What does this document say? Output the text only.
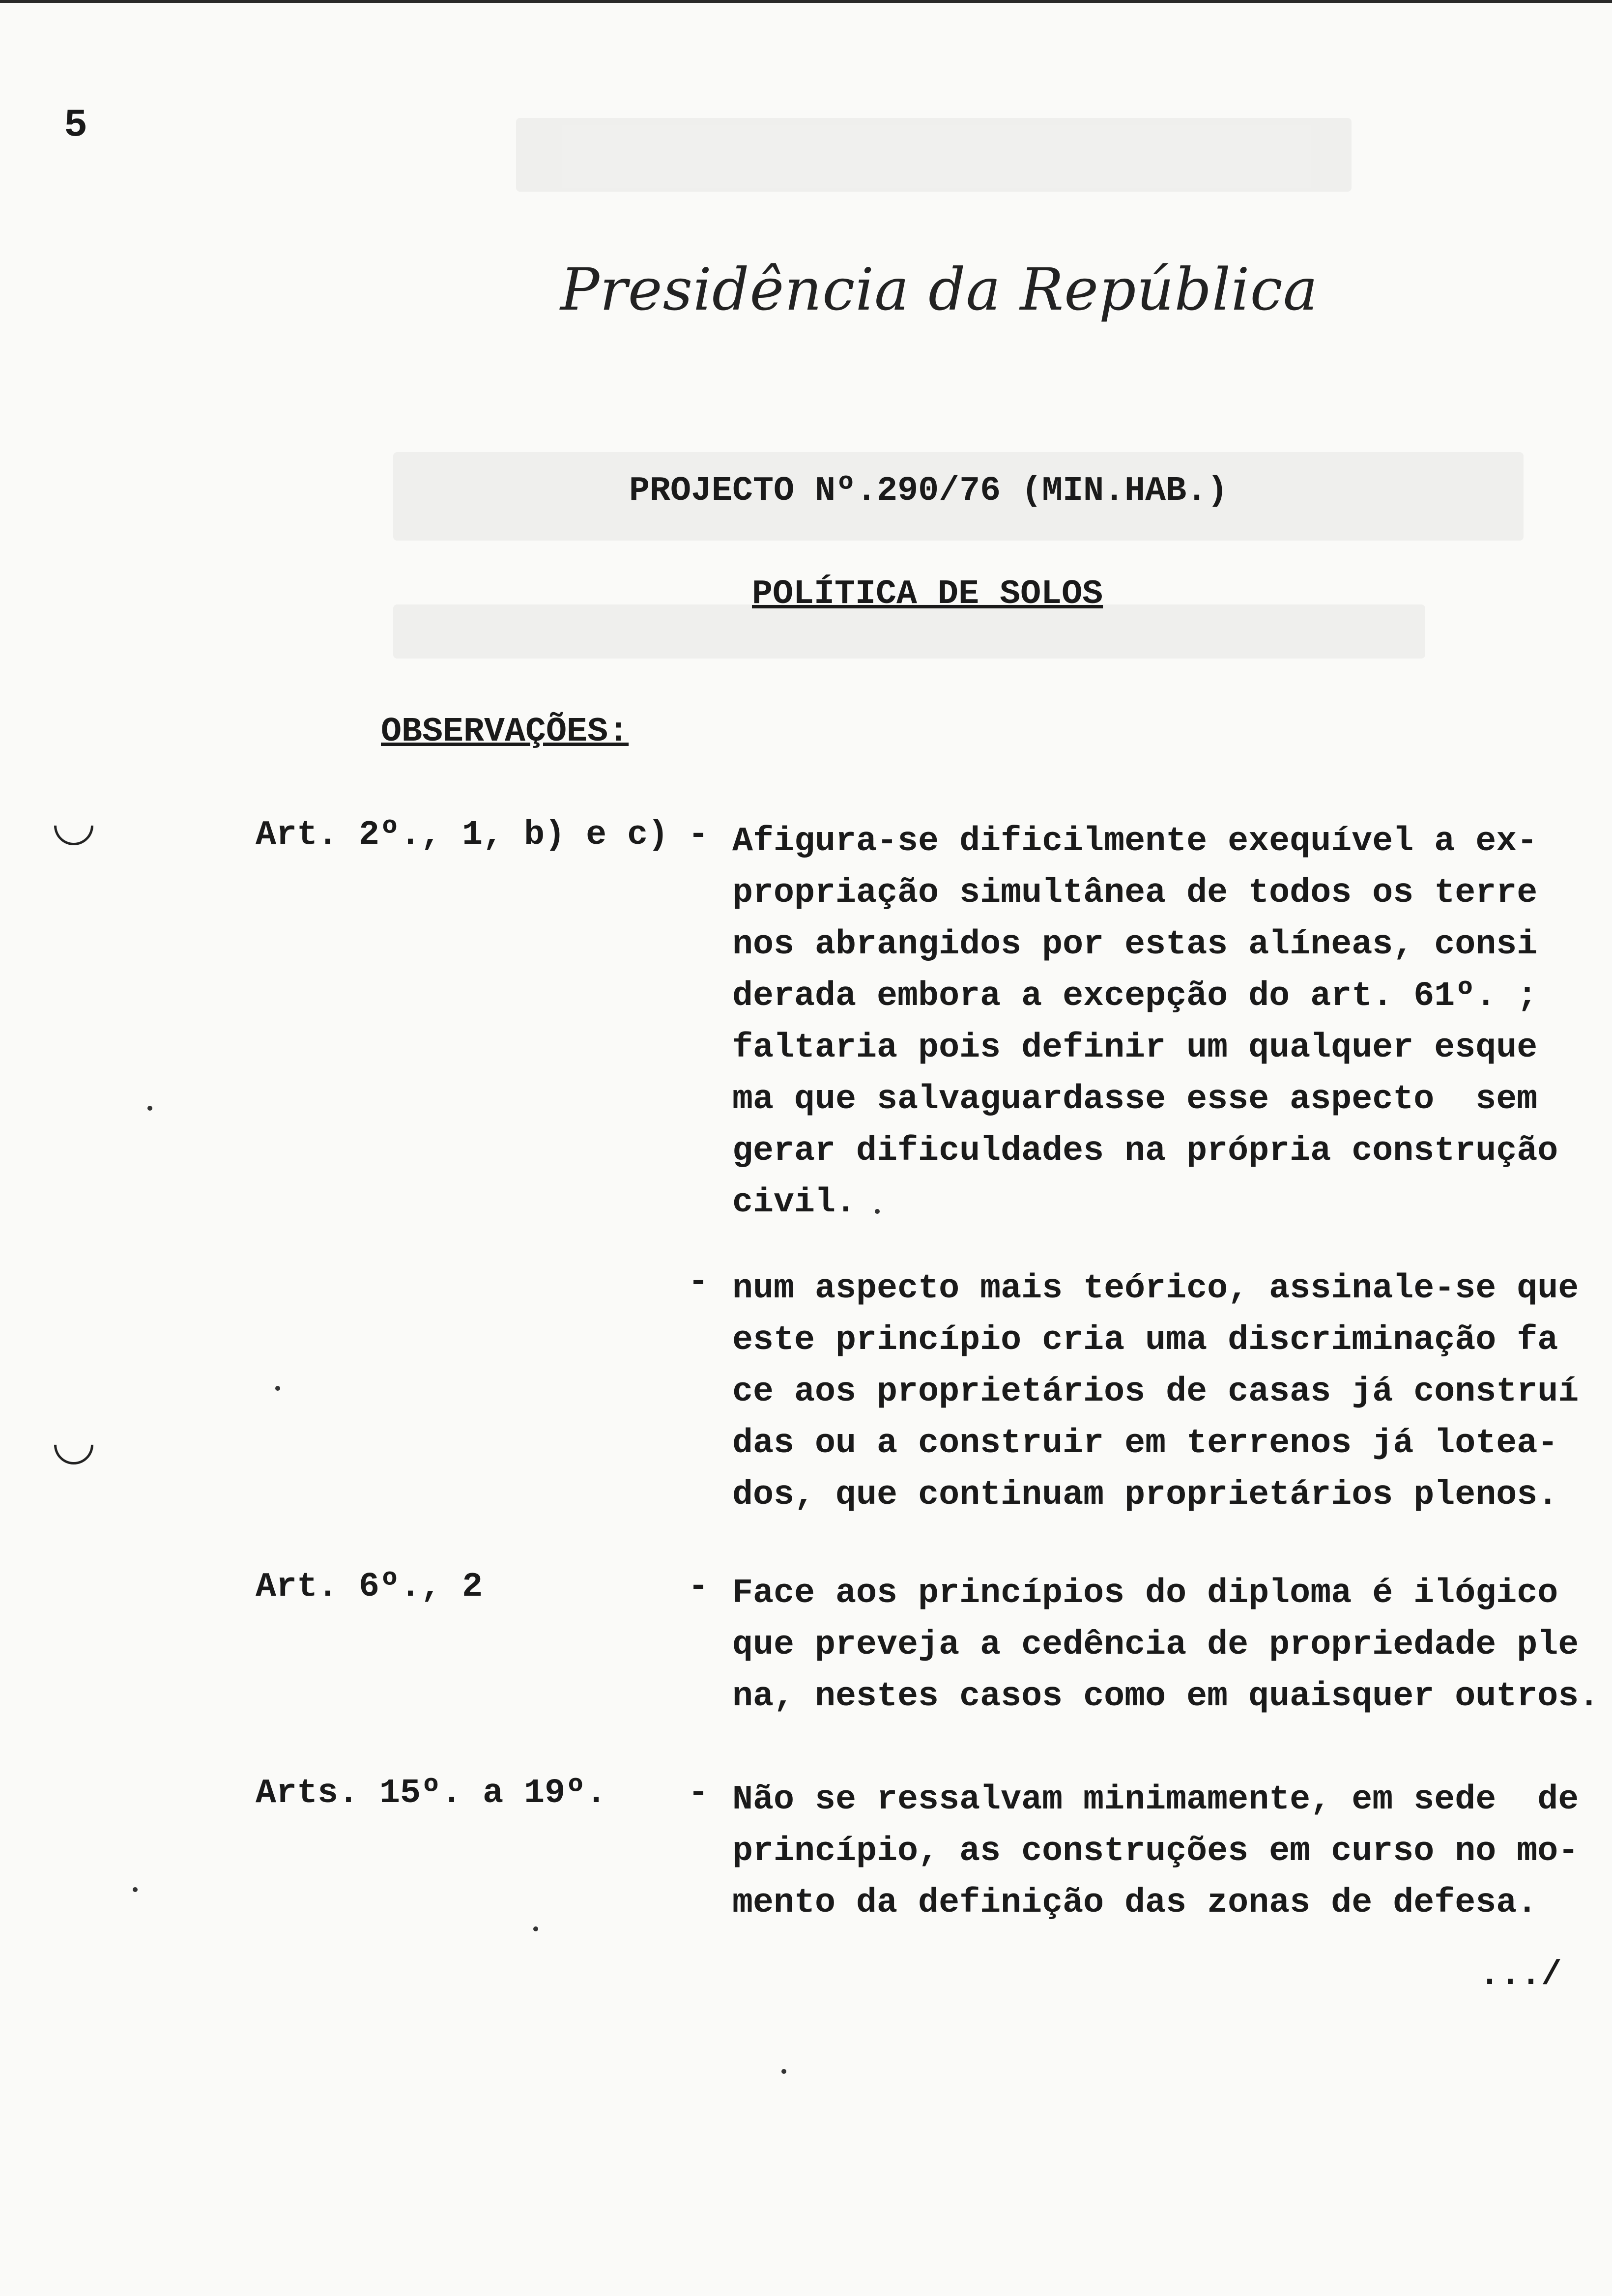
5
Presidência da República
PROJECTO Nº.290/76 (MIN.HAB.)
POLÍTICA DE SOLOS
OBSERVAÇÕES:
Art. 2º., 1, b) e c) - Afigura-se dificilmente exequível a ex-
propriação simultânea de todos os terre
nos abrangidos por estas alíneas, consi
derada embora a excepção do art. 61º. ;
faltaria pois definir um qualquer esque
ma que salvaguardasse esse aspecto  sem
gerar dificuldades na própria construção
civil.
- num aspecto mais teórico, assinale-se que
este princípio cria uma discriminação fa
ce aos proprietários de casas já construí
das ou a construir em terrenos já lotea-
dos, que continuam proprietários plenos.
Art. 6º., 2	- Face aos princípios do diploma é ilógico
que preveja a cedência de propriedade ple
na, nestes casos como em quaisquer outros.
Arts. 15º. a 19º. - Não se ressalvam minimamente, em sede  de
princípio, as construções em curso no mo-
mento da definição das zonas de defesa.
.../
